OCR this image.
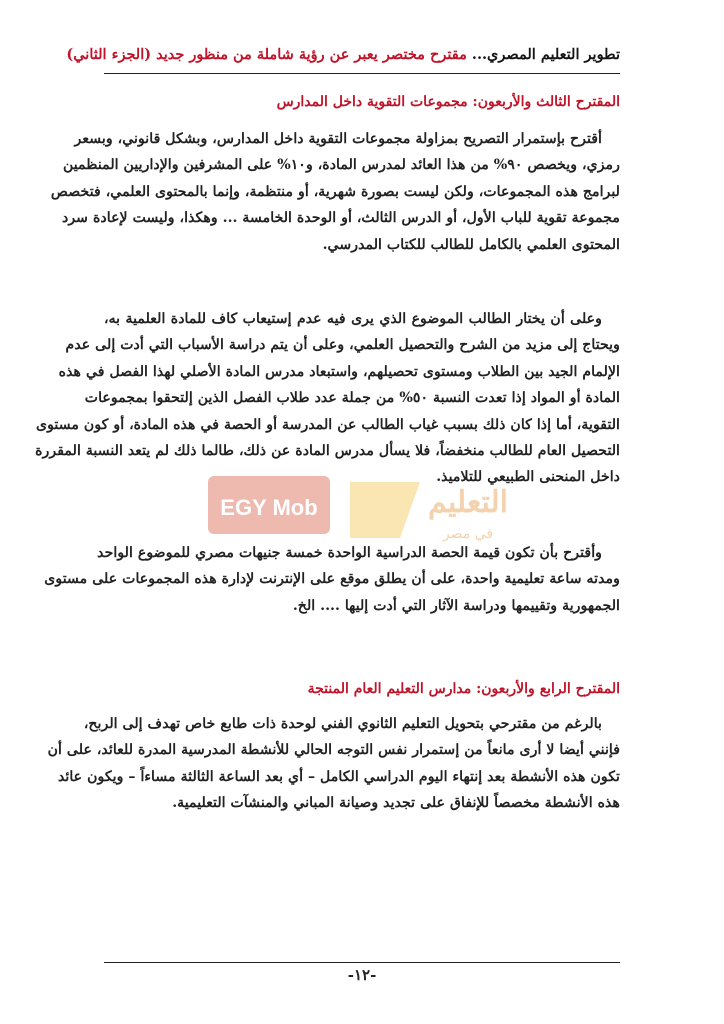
تطوير التعليم المصري... مقترح مختصر يعبر عن رؤية شاملة من منظور جديد (الجزء الثاني)
المقترح الثالث والأربعون: مجموعات التقوية داخل المدارس

أقترح بإستمرار التصريح بمزاولة مجموعات التقوية داخل المدارس، وبشكل قانوني، وبسعر
رمزي، ويخصص ٩٠% من هذا العائد لمدرس المادة، و١٠% على المشرفين والإداريين المنظمين
لبرامج هذه المجموعات، ولكن ليست بصورة شهرية، أو منتظمة، وإنما بالمحتوى العلمي، فتخصص
مجموعة تقوية للباب الأول، أو الدرس الثالث، أو الوحدة الخامسة ... وهكذا، وليست لإعادة سرد
المحتوى العلمي بالكامل للطالب للكتاب المدرسي.

وعلى أن يختار الطالب الموضوع الذي يرى فيه عدم إستيعاب كاف للمادة العلمية به،
ويحتاج إلى مزيد من الشرح والتحصيل العلمي، وعلى أن يتم دراسة الأسباب التي أدت إلى عدم
الإلمام الجيد بين الطلاب ومستوى تحصيلهم، واستبعاد مدرس المادة الأصلي لهذا الفصل في هذه
المادة أو المواد إذا تعدت النسبة ٥٠% من جملة عدد طلاب الفصل الذين إلتحقوا بمجموعات
التقوية، أما إذا كان ذلك بسبب غياب الطالب عن المدرسة أو الحصة في هذه المادة، أو كون مستوى
التحصيل العام للطالب منخفضاً، فلا يسأل مدرس المادة عن ذلك، طالما ذلك لم يتعد النسبة المقررة
داخل المنحنى الطبيعي للتلاميذ.

EGY Mob	التعليم
في مصر

وأقترح بأن تكون قيمة الحصة الدراسية الواحدة خمسة جنيهات مصري للموضوع الواحد
ومدته ساعة تعليمية واحدة، على أن يطلق موقع على الإنترنت لإدارة هذه المجموعات على مستوى
الجمهورية وتقييمها ودراسة الآثار التي أدت إليها .... الخ.

المقترح الرابع والأربعون: مدارس التعليم العام المنتجة

بالرغم من مقترحي بتحويل التعليم الثانوي الفني لوحدة ذات طابع خاص تهدف إلى الربح،
فإنني أيضا لا أرى مانعاً من إستمرار نفس التوجه الحالي للأنشطة المدرسية المدرة للعائد، على أن
تكون هذه الأنشطة بعد إنتهاء اليوم الدراسي الكامل – أي بعد الساعة الثالثة مساءاً – ويكون عائد
هذه الأنشطة مخصصاً للإنفاق على تجديد وصيانة المباني والمنشآت التعليمية.

-١٢-
